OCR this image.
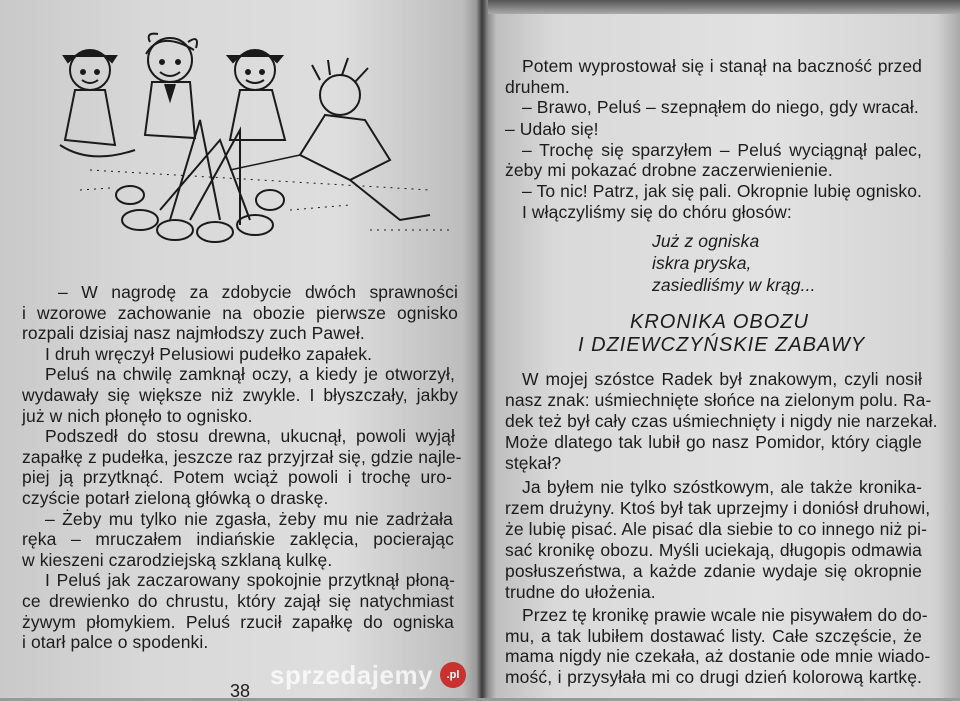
– W nagrodę za zdobycie dwóch sprawności
i wzorowe zachowanie na obozie pierwsze ognisko
rozpali dzisiaj nasz najmłodszy zuch Paweł.
I druh wręczył Pelusiowi pudełko zapałek.
Peluś na chwilę zamknął oczy, a kiedy je otworzył,
wydawały się większe niż zwykle. I błyszczały, jakby
już w nich płonęło to ognisko.
Podszedł do stosu drewna, ukucnął, powoli wyjął
zapałkę z pudełka, jeszcze raz przyjrzał się, gdzie najle-
piej ją przytknąć. Potem wciąż powoli i trochę uro-
czyście potarł zieloną główką o draskę.
– Żeby mu tylko nie zgasła, żeby mu nie zadrżała
ręka – mruczałem indiańskie zaklęcia, pocierając
w kieszeni czarodziejską szklaną kulkę.
I Peluś jak zaczarowany spokojnie przytknął płoną-
ce drewienko do chrustu, który zajął się natychmiast
żywym płomykiem. Peluś rzucił zapałkę do ogniska
i otarł palce o spodenki.
38
Potem wyprostował się i stanął na baczność przed
druhem.
– Brawo, Peluś – szepnąłem do niego, gdy wracał.
– Udało się!
– Trochę się sparzyłem – Peluś wyciągnął palec,
żeby mi pokazać drobne zaczerwienienie.
– To nic! Patrz, jak się pali. Okropnie lubię ognisko.
I włączyliśmy się do chóru głosów:
Już z ogniska
iskra pryska,
zasiedliśmy w krąg...
KRONIKA OBOZU
I DZIEWCZYŃSKIE ZABAWY
W mojej szóstce Radek był znakowym, czyli nosił
nasz znak: uśmiechnięte słońce na zielonym polu. Ra-
dek też był cały czas uśmiechnięty i nigdy nie narzekał.
Może dlatego tak lubił go nasz Pomidor, który ciągle
stękał?
Ja byłem nie tylko szóstkowym, ale także kronika-
rzem drużyny. Ktoś był tak uprzejmy i doniósł druhowi,
że lubię pisać. Ale pisać dla siebie to co innego niż pi-
sać kronikę obozu. Myśli uciekają, długopis odmawia
posłuszeństwa, a każde zdanie wydaje się okropnie
trudne do ułożenia.
Przez tę kronikę prawie wcale nie pisywałem do do-
mu, a tak lubiłem dostawać listy. Całe szczęście, że
mama nigdy nie czekała, aż dostanie ode mnie wiado-
mość, i przysyłała mi co drugi dzień kolorową kartkę.
sprzedajemy	.pl
